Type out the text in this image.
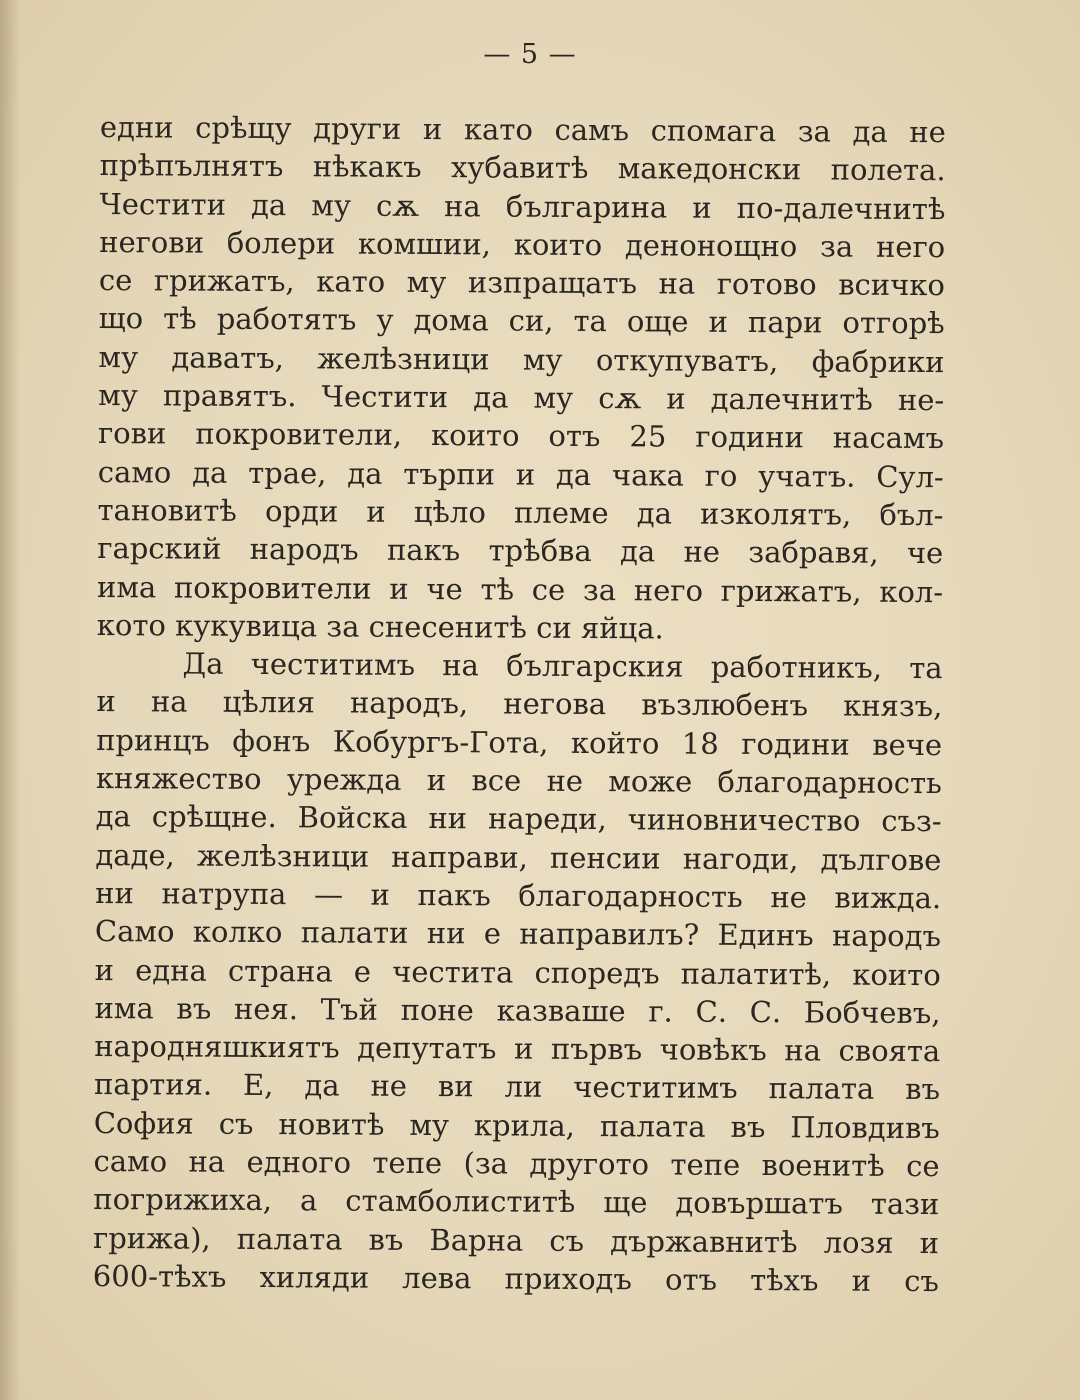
— 5 —
едни срѣщу други и като самъ спомага за да не
прѣпълнятъ нѣкакъ хубавитѣ македонски полета.
Честити да му сѫ на българина и по-далечнитѣ
негови болери комшии, които денонощно за него
се грижатъ, като му изпращатъ на готово всичко
що тѣ работятъ у дома си, та още и пари отгорѣ
му даватъ, желѣзници му откупуватъ, фабрики
му правятъ. Честити да му сѫ и далечнитѣ не-
гови покровители, които отъ 25 години насамъ
само да трае, да търпи и да чака го учатъ. Сул-
тановитѣ орди и цѣло племе да изколятъ, бъл-
гарский народъ пакъ трѣбва да не забравя, че
има покровители и че тѣ се за него грижатъ, кол-
кото кукувица за снесенитѣ си яйца.
Да честитимъ на българския работникъ, та
и на цѣлия народъ, негова възлюбенъ князъ,
принцъ фонъ Кобургъ-Гота, който 18 години вече
княжество урежда и все не може благодарность
да срѣщне. Войска ни нареди, чиновничество съз-
даде, желѣзници направи, пенсии нагоди, дългове
ни натрупа — и пакъ благодарность не вижда.
Само колко палати ни е направилъ? Единъ народъ
и една страна е честита споредъ палатитѣ, които
има въ нея. Тъй поне казваше г. С. С. Бобчевъ,
народняшкиятъ депутатъ и първъ човѣкъ на своята
партия. Е, да не ви ли честитимъ палата въ
София съ новитѣ му крила, палата въ Пловдивъ
само на едного тепе (за другото тепе военитѣ се
погрижиха, а стамболиститѣ ще довършатъ тази
грижа), палата въ Варна съ държавнитѣ лозя и
600-тѣхъ хиляди лева приходъ отъ тѣхъ и съ
